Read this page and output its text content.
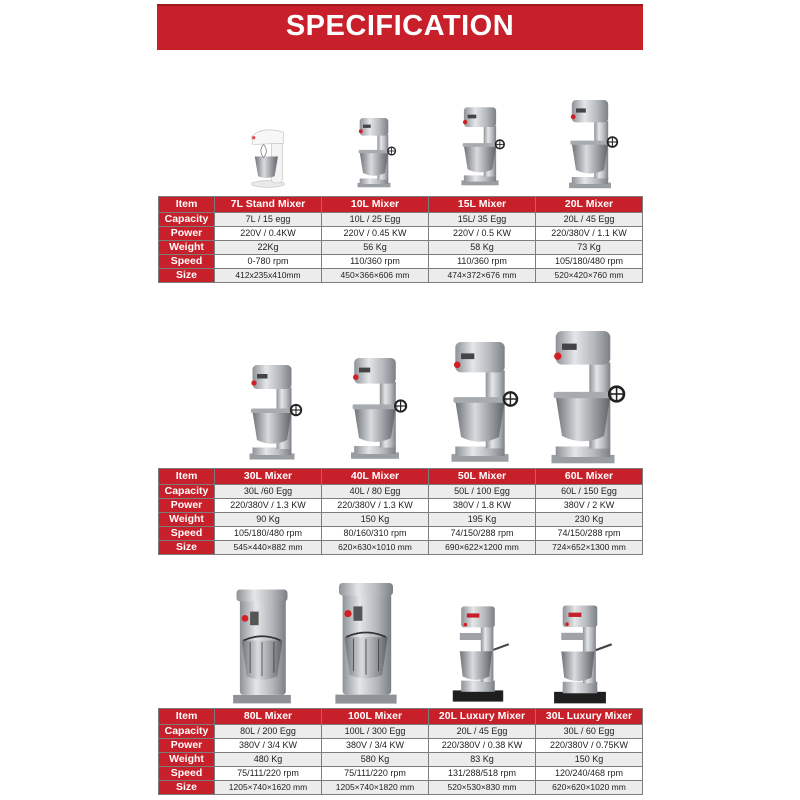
SPECIFICATION
Item	7L Stand Mixer	10L Mixer	15L Mixer	20L Mixer
Capacity	7L / 15 egg	10L / 25 Egg	15L/ 35 Egg	20L / 45 Egg
Power	220V / 0.4KW	220V / 0.45 KW	220V / 0.5 KW	220/380V / 1.1 KW
Weight	22Kg	56 Kg	58 Kg	73 Kg
Speed	0-780 rpm	110/360 rpm	110/360 rpm	105/180/480 rpm
Size	412x235x410mm	450×366×606 mm	474×372×676 mm	520×420×760 mm
Item	30L Mixer	40L Mixer	50L Mixer	60L Mixer
Capacity	30L /60 Egg	40L / 80 Egg	50L / 100 Egg	60L / 150 Egg
Power	220/380V / 1.3 KW	220/380V / 1.3 KW	380V / 1.8 KW	380V / 2 KW
Weight	90 Kg	150 Kg	195 Kg	230 Kg
Speed	105/180/480 rpm	80/160/310 rpm	74/150/288 rpm	74/150/288 rpm
Size	545×440×882 mm	620×630×1010 mm	690×622×1200 mm	724×652×1300 mm
Item	80L Mixer	100L Mixer	20L Luxury Mixer	30L Luxury Mixer
Capacity	80L / 200 Egg	100L / 300 Egg	20L / 45 Egg	30L / 60 Egg
Power	380V / 3/4 KW	380V / 3/4 KW	220/380V / 0.38 KW	220/380V / 0.75KW
Weight	480 Kg	580 Kg	83 Kg	150 Kg
Speed	75/111/220 rpm	75/111/220 rpm	131/288/518 rpm	120/240/468 rpm
Size	1205×740×1620 mm	1205×740×1820 mm	520×530×830 mm	620×620×1020 mm
